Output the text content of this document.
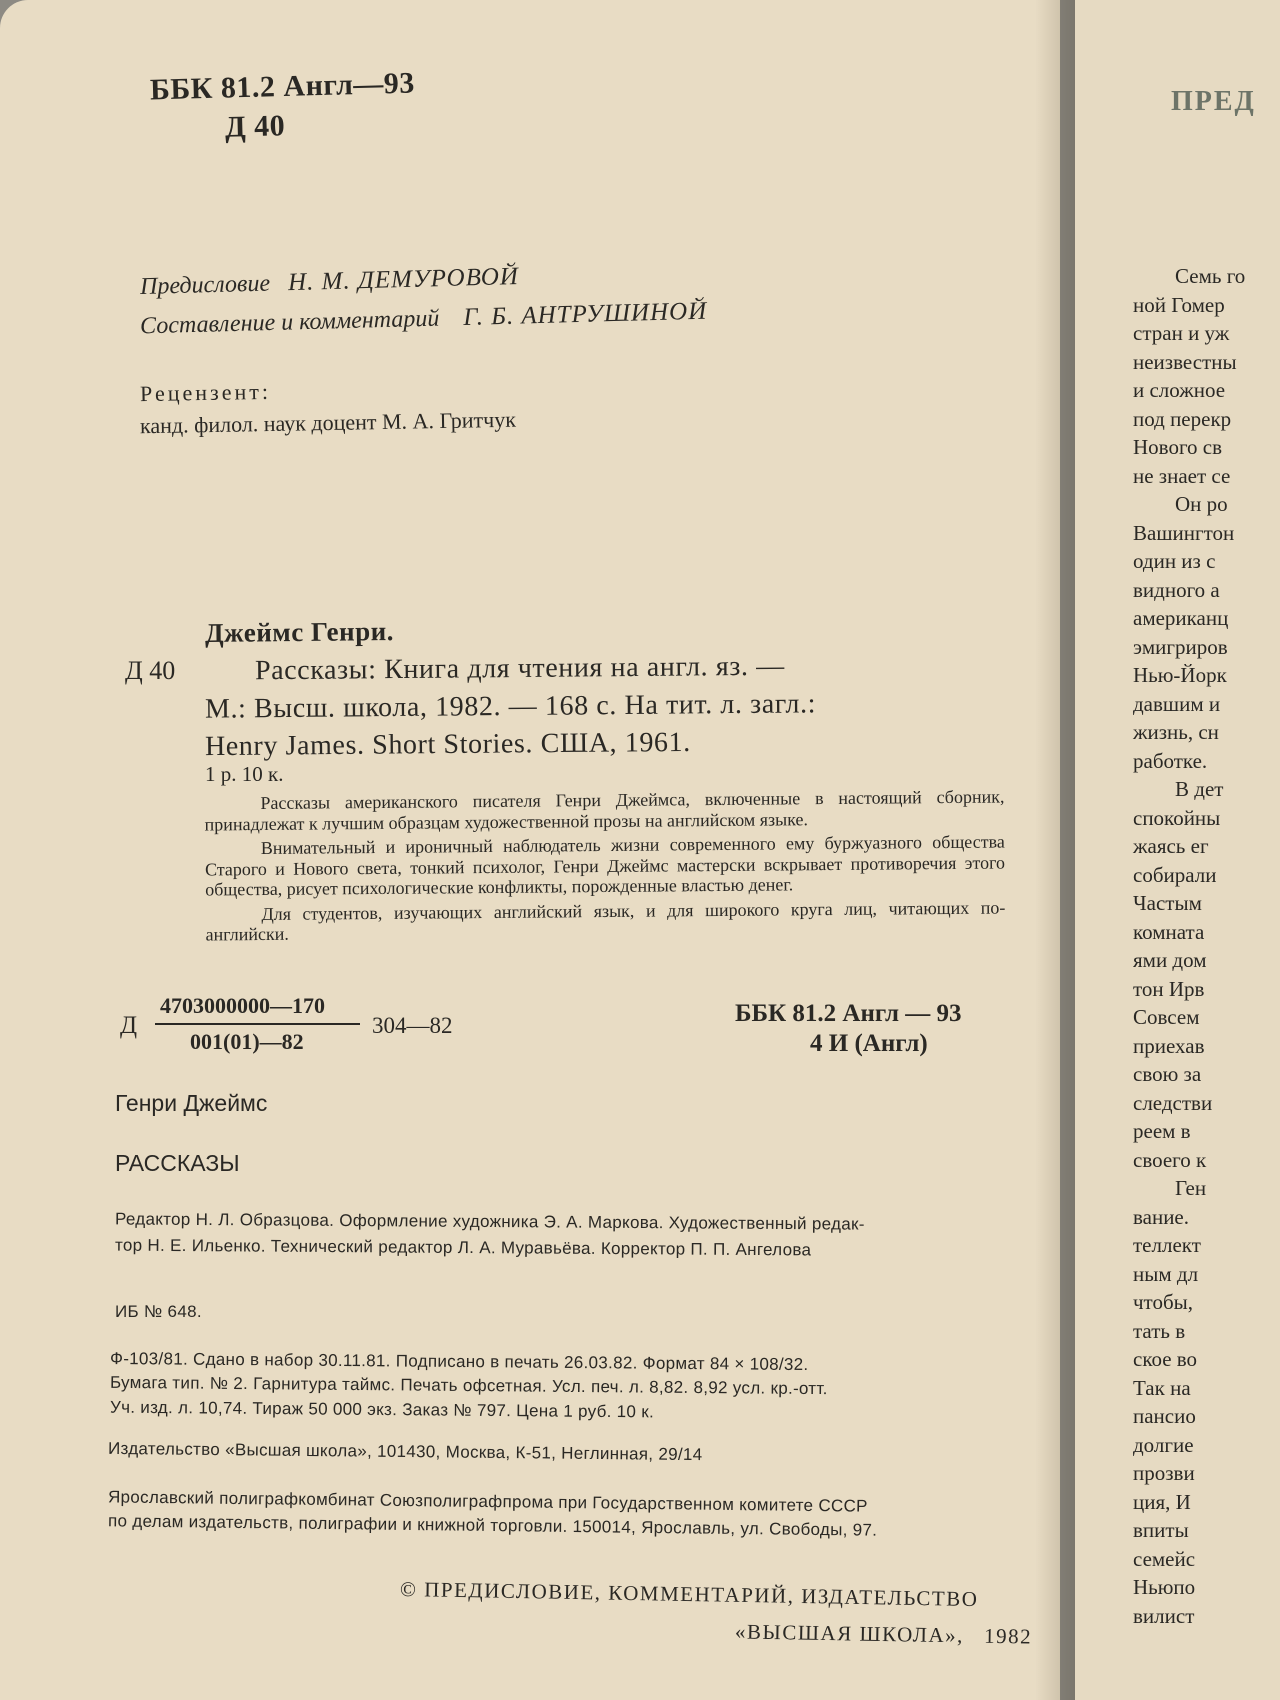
ББК 81.2 Англ—93
Д 40
Предисловие Н. М. ДЕМУРОВОЙ
Составление и комментарий Г. Б. АНТРУШИНОЙ
Рецензент:
канд. филол. наук доцент М. А. Гритчук
Джеймс Генри.
Д 40	Рассказы: Книга для чтения на англ. яз. —
М.: Высш. школа, 1982. — 168 с. На тит. л. загл.:
Henry James. Short Stories. США, 1961.
1 р. 10 к.

Рассказы американского писателя Генри Джеймса, включенные в настоящий сборник, принадлежат к лучшим образцам художественной прозы на английском языке.

Внимательный и ироничный наблюдатель жизни современного ему буржуазного общества Старого и Нового света, тонкий психолог, Генри Джеймс мастерски вскрывает противоречия этого общества, рисует психологические конфликты, порожденные властью денег.

Для студентов, изучающих английский язык, и для широкого круга лиц, читающих по-английски.

Д
4703000000—170
001(01)—82
304—82	ББК 81.2 Англ — 93
4 И (Англ)
Генри Джеймс
РАССКАЗЫ
Редактор Н. Л. Образцова. Оформление художника Э. А. Маркова. Художественный редак-
тор Н. Е. Ильенко. Технический редактор Л. А. Муравьёва. Корректор П. П. Ангелова
ИБ № 648.
Ф-103/81. Сдано в набор 30.11.81. Подписано в печать 26.03.82. Формат 84 × 108/32.
Бумага тип. № 2. Гарнитура таймс. Печать офсетная. Усл. печ. л. 8,82. 8,92 усл. кр.-отт.
Уч. изд. л. 10,74. Тираж 50 000 экз. Заказ № 797. Цена 1 руб. 10 к.
Издательство «Высшая школа», 101430, Москва, К-51, Неглинная, 29/14
Ярославский полиграфкомбинат Союзполиграфпрома при Государственном комитете СССР
по делам издательств, полиграфии и книжной торговли. 150014, Ярославль, ул. Свободы, 97.
© ПРЕДИСЛОВИЕ, КОММЕНТАРИЙ, ИЗДАТЕЛЬСТВО
«ВЫСШАЯ ШКОЛА», 1982
ПРЕД
Семь го
ной Гомер
стран и уж
неизвестны
и сложное
под перекр
Нового св
не знает се
Он ро
Вашингтон
один из с
видного а
американц
эмигриров
Нью-Йорк
давшим и
жизнь, сн
работке.
В дет
спокойны
жаясь ег
собирали
Частым
комната
ями дом
тон Ирв
Совсем
приехав
свою за
следстви
реем в
своего к
Ген
вание.
теллект
ным дл
чтобы,
тать в
ское во
Так на
пансио
долгие
прозви
ция, И
впиты
семейс
Ньюпо
вилист
